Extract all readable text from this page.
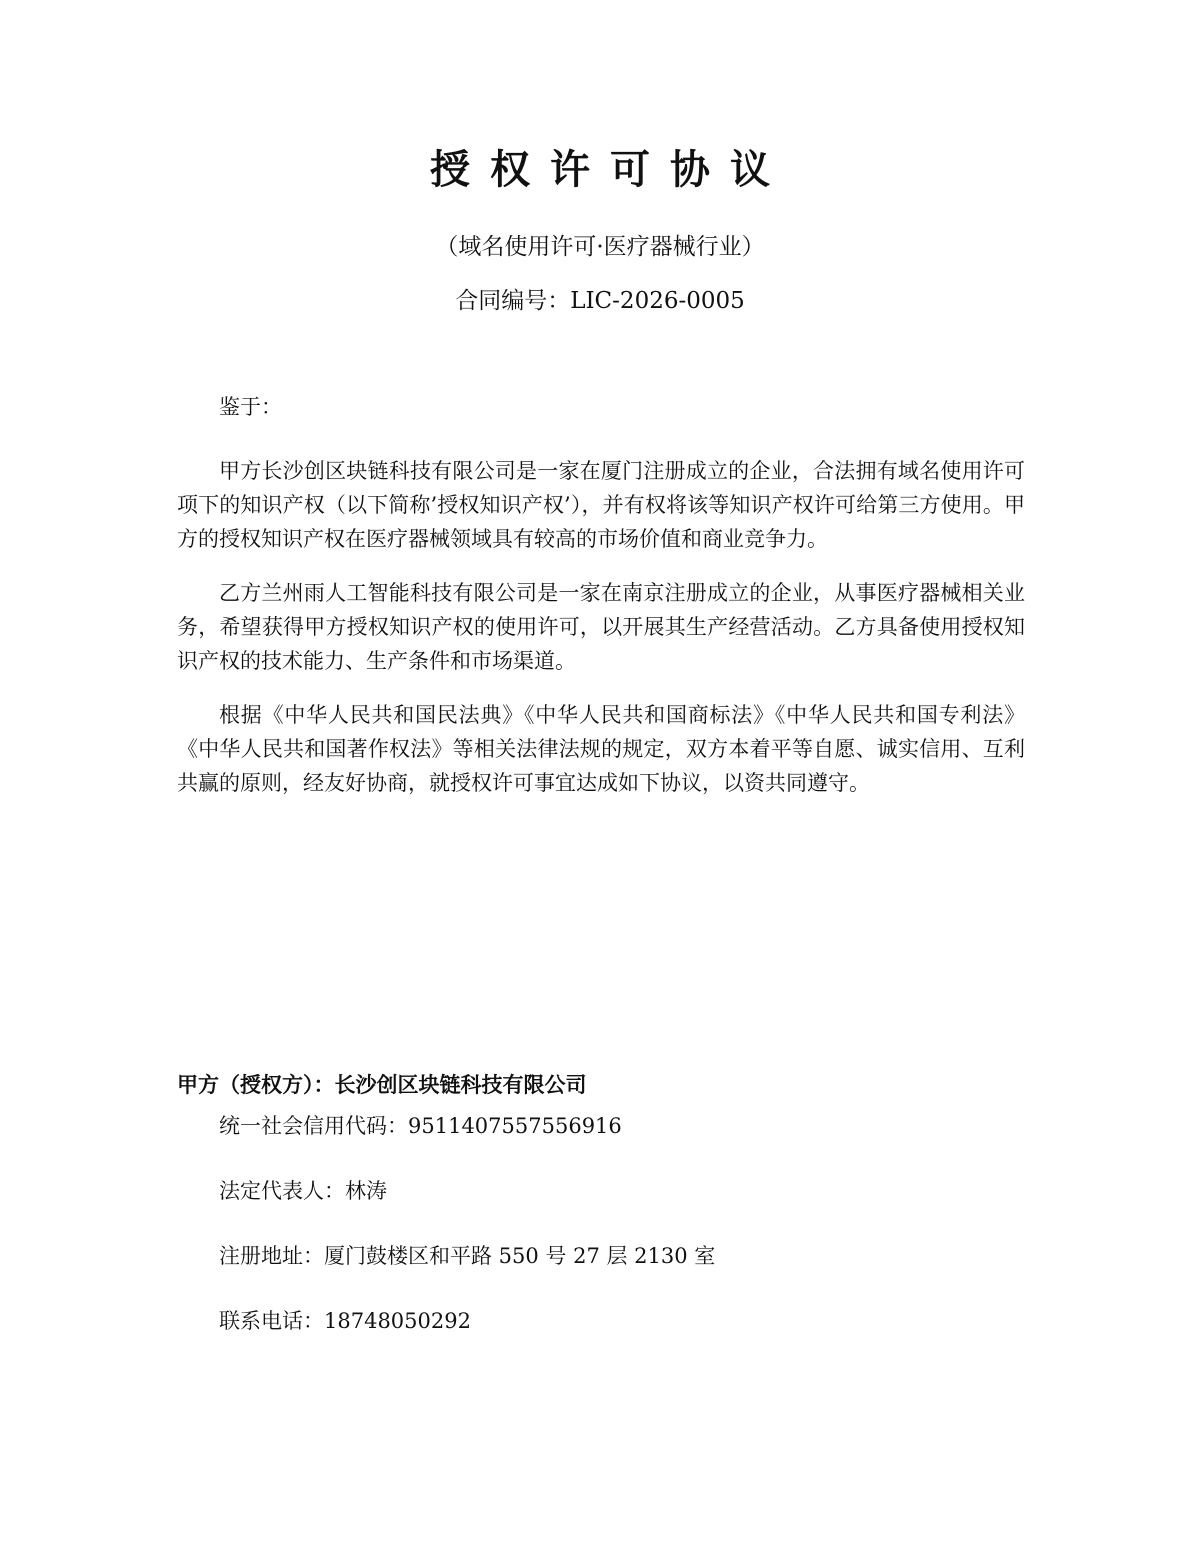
授权许可协议
（域名使用许可·医疗器械行业）
合同编号：LIC-2026-0005

鉴于：

甲方长沙创区块链科技有限公司是一家在厦门注册成立的企业，合法拥有域名使用许可项下的知识产权（以下简称’授权知识产权’），并有权将该等知识产权许可给第三方使用。甲方的授权知识产权在医疗器械领域具有较高的市场价值和商业竞争力。

乙方兰州雨人工智能科技有限公司是一家在南京注册成立的企业，从事医疗器械相关业务，希望获得甲方授权知识产权的使用许可，以开展其生产经营活动。乙方具备使用授权知识产权的技术能力、生产条件和市场渠道。

根据《中华人民共和国民法典》《中华人民共和国商标法》《中华人民共和国专利法》《中华人民共和国著作权法》等相关法律法规的规定，双方本着平等自愿、诚实信用、互利共赢的原则，经友好协商，就授权许可事宜达成如下协议，以资共同遵守。

甲方（授权方）：长沙创区块链科技有限公司

统一社会信用代码：9511407557556916

法定代表人：林涛

注册地址：厦门鼓楼区和平路 550 号 27 层 2130 室

联系电话：18748050292
